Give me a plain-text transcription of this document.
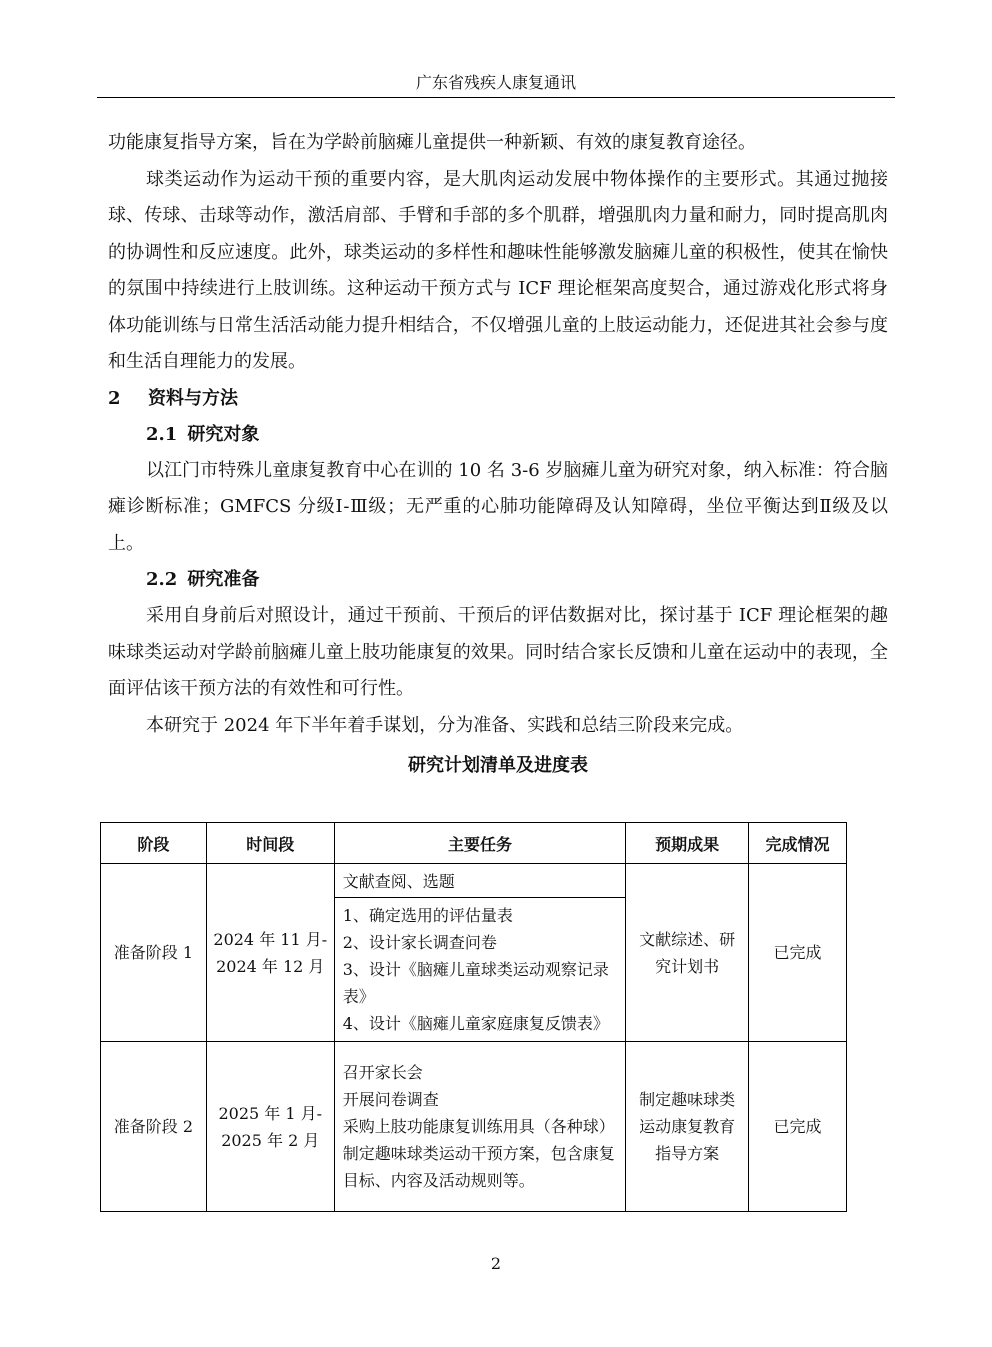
广东省残疾人康复通讯

功能康复指导方案，旨在为学龄前脑瘫儿童提供一种新颖、有效的康复教育途径。

球类运动作为运动干预的重要内容，是大肌肉运动发展中物体操作的主要形式。其通过抛接球、传球、击球等动作，激活肩部、手臂和手部的多个肌群，增强肌肉力量和耐力，同时提高肌肉的协调性和反应速度。此外，球类运动的多样性和趣味性能够激发脑瘫儿童的积极性，使其在愉快的氛围中持续进行上肢训练。这种运动干预方式与 ICF 理论框架高度契合，通过游戏化形式将身体功能训练与日常生活活动能力提升相结合，不仅增强儿童的上肢运动能力，还促进其社会参与度和生活自理能力的发展。

2 资料与方法

2.1 研究对象

以江门市特殊儿童康复教育中心在训的 10 名 3-6 岁脑瘫儿童为研究对象，纳入标准：符合脑瘫诊断标准；GMFCS 分级Ⅰ-Ⅲ级；无严重的心肺功能障碍及认知障碍，坐位平衡达到Ⅱ级及以上。

2.2 研究准备

采用自身前后对照设计，通过干预前、干预后的评估数据对比，探讨基于 ICF 理论框架的趣味球类运动对学龄前脑瘫儿童上肢功能康复的效果。同时结合家长反馈和儿童在运动中的表现，全面评估该干预方法的有效性和可行性。

本研究于 2024 年下半年着手谋划，分为准备、实践和总结三阶段来完成。

研究计划清单及进度表

阶段	时间段	主要任务	预期成果	完成情况
准备阶段 1	2024 年 11 月-
2024 年 12 月	文献查阅、选题
1、确定选用的评估量表
2、设计家长调查问卷
3、设计《脑瘫儿童球类运动观察记录表》
4、设计《脑瘫儿童家庭康复反馈表》	文献综述、研究计划书	已完成
准备阶段 2	2025 年 1 月-
2025 年 2 月	召开家长会
开展问卷调查
采购上肢功能康复训练用具（各种球）
制定趣味球类运动干预方案，包含康复目标、内容及活动规则等。	制定趣味球类运动康复教育指导方案	已完成
2
